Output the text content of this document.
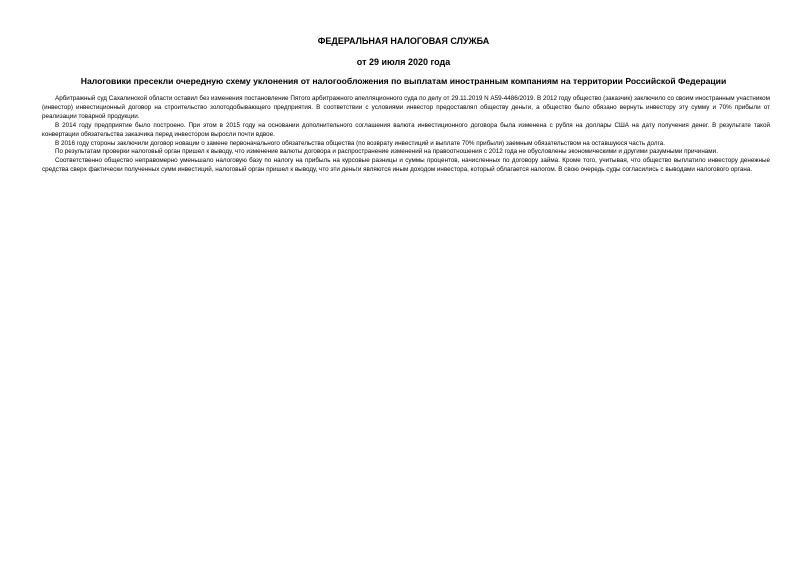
ФЕДЕРАЛЬНАЯ НАЛОГОВАЯ СЛУЖБА
от 29 июля 2020 года
Налоговики пресекли очередную схему уклонения от налогообложения по выплатам иностранным компаниям на территории Российской Федерации

Арбитражный суд Сахалинской области оставил без изменения постановление Пятого арбитражного апелляционного суда по делу от 29.11.2019 N А59-4486/2019. В 2012 году общество (заказчик) заключило со своим иностранным участником (инвестор) инвестиционный договор на строительство золотодобывающего предприятия. В соответствии с условиями инвестор предоставлял обществу деньги, а общество было обязано вернуть инвестору эту сумму и 70% прибыли от реализации товарной продукции.

В 2014 году предприятие было построено. При этом в 2015 году на основании дополнительного соглашения валюта инвестиционного договора была изменена с рубля на доллары США на дату получения денег. В результате такой конвертации обязательства заказчика перед инвестором выросли почти вдвое.

В 2016 году стороны заключили договор новации о замене первоначального обязательства общества (по возврату инвестиций и выплате 70% прибыли) заемным обязательством на оставшуюся часть долга.

По результатам проверки налоговый орган пришел к выводу, что изменение валюты договора и распространение изменений на правоотношения с 2012 года не обусловлены экономическими и другими разумными причинами.

Соответственно общество неправомерно уменьшало налоговую базу по налогу на прибыль на курсовые разницы и суммы процентов, начисленных по договору займа. Кроме того, учитывая, что общество выплатило инвестору денежные средства сверх фактически полученных сумм инвестиций, налоговый орган пришел к выводу, что эти деньги являются иным доходом инвестора, который облагается налогом. В свою очередь суды согласились с выводами налогового органа.
